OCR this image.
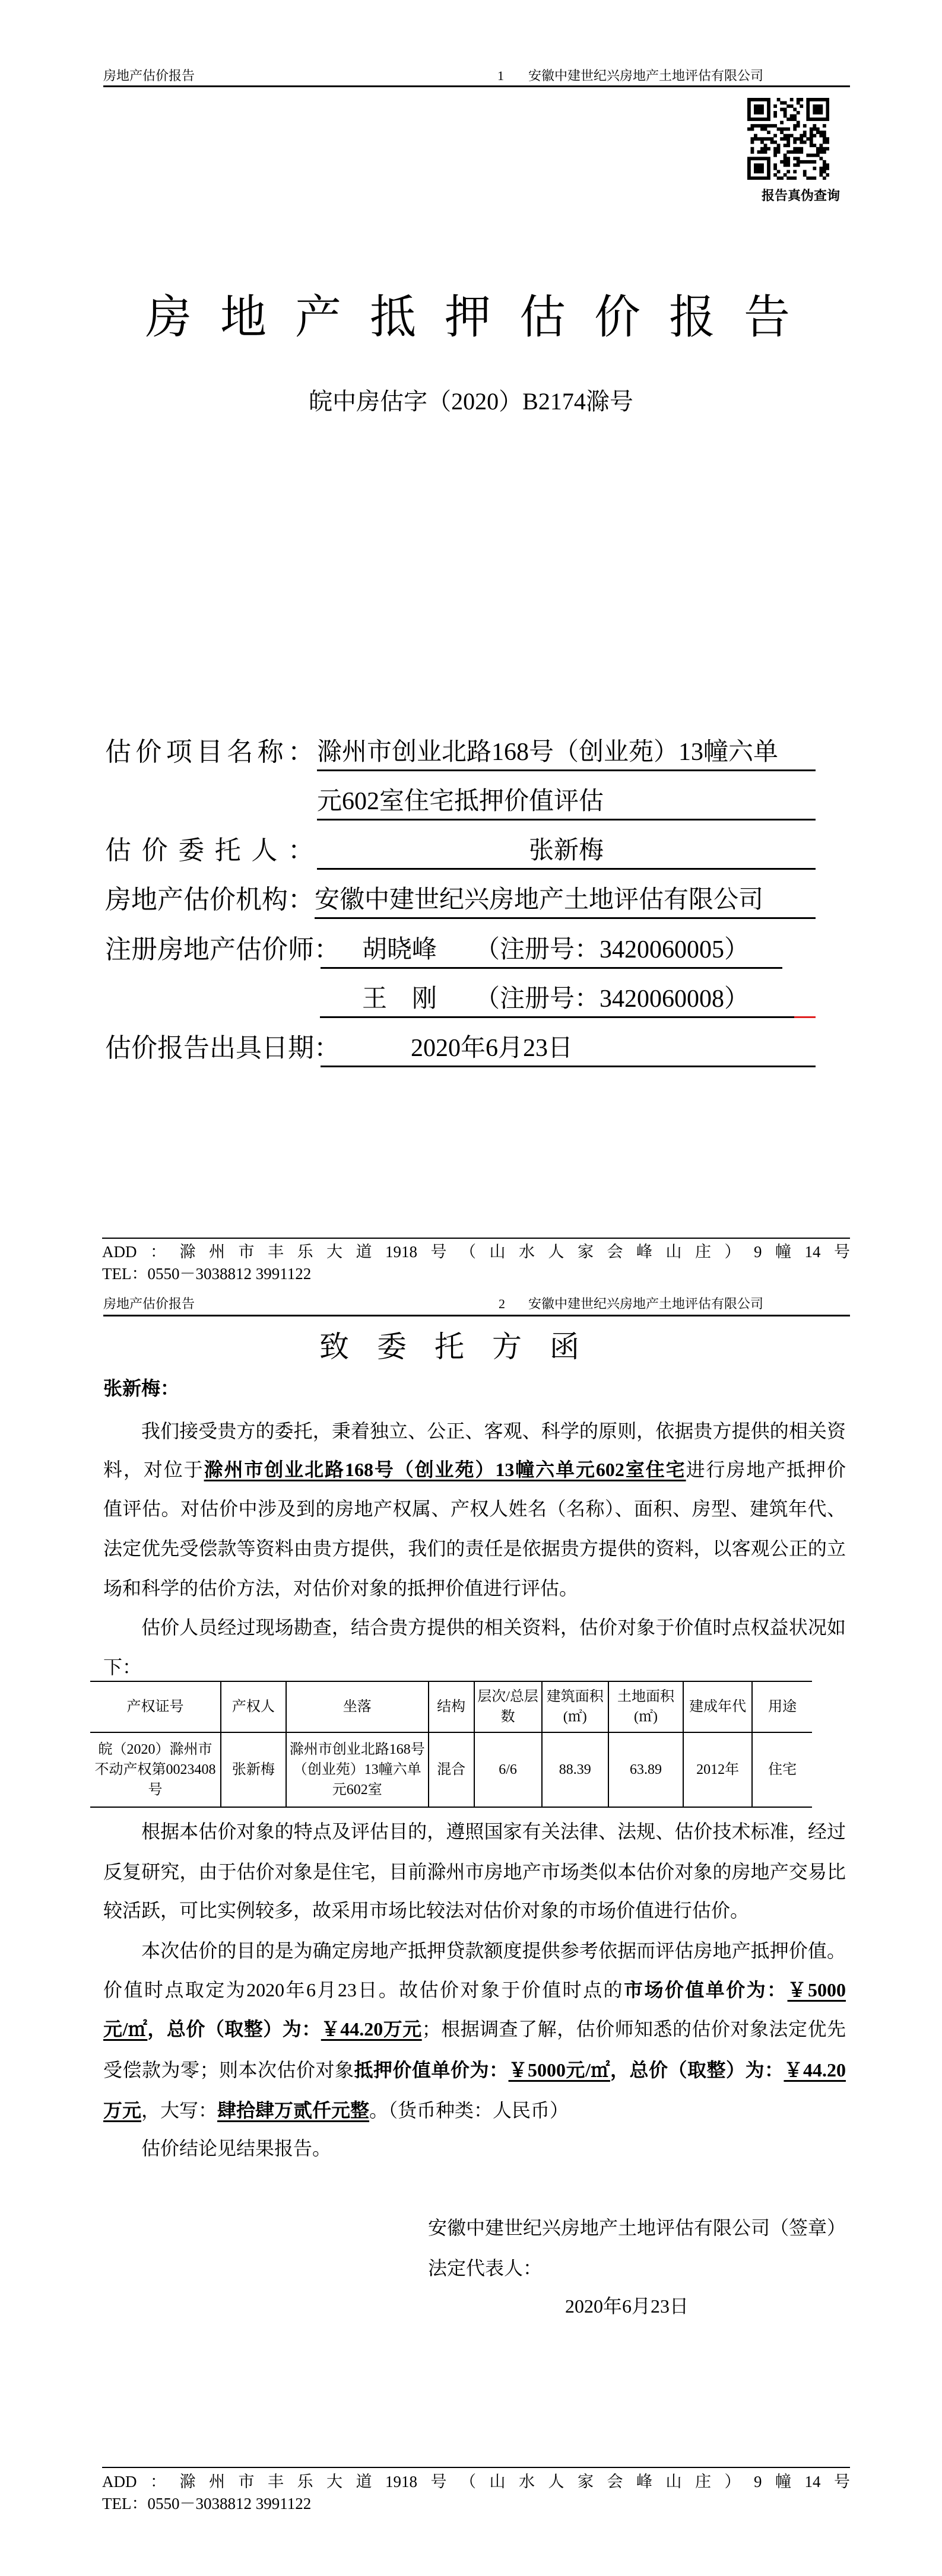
房地产估价报告	1 安徽中建世纪兴房地产土地评估有限公司
报告真伪查询
房地产抵押估价报告
皖中房估字（2020）B2174滁号
估价项目名称： 滁州市创业北路168号（创业苑）13幢六单
元602室住宅抵押价值评估
估价委托人：	张新梅
房地产估价机构： 安徽中建世纪兴房地产土地评估有限公司
注册房地产估价师： 胡晓峰 （注册号：3420060005）
王　刚 （注册号：3420060008）
估价报告出具日期：	2020年6月23日
ADD：滁州市丰乐大道1918号（山水人家会峰山庄）9幢14号
TEL：0550－3038812 3991122
房地产估价报告	2 安徽中建世纪兴房地产土地评估有限公司
致委托方函
张新梅：
我们接受贵方的委托，秉着独立、公正、客观、科学的原则，依据贵方提供的相关资
料，对位于滁州市创业北路168号（创业苑）13幢六单元602室住宅进行房地产抵押价
值评估。对估价中涉及到的房地产权属、产权人姓名（名称）、面积、房型、建筑年代、
法定优先受偿款等资料由贵方提供，我们的责任是依据贵方提供的资料，以客观公正的立
场和科学的估价方法，对估价对象的抵押价值进行评估。
估价人员经过现场勘查，结合贵方提供的相关资料，估价对象于价值时点权益状况如
下：
根据本估价对象的特点及评估目的，遵照国家有关法律、法规、估价技术标准，经过
反复研究，由于估价对象是住宅，目前滁州市房地产市场类似本估价对象的房地产交易比
较活跃，可比实例较多，故采用市场比较法对估价对象的市场价值进行估价。
本次估价的目的是为确定房地产抵押贷款额度提供参考依据而评估房地产抵押价值。
价值时点取定为2020年6月23日。故估价对象于价值时点的市场价值单价为：￥5000
元/㎡，总价（取整）为：￥44.20万元；根据调查了解，估价师知悉的估价对象法定优先
受偿款为零；则本次估价对象抵押价值单价为：￥5000元/㎡，总价（取整）为：￥44.20
万元，大写：肆拾肆万贰仟元整。（货币种类：人民币）
估价结论见结果报告。
产权证号	产权人	坐落	结构	层次/总层数	建筑面积(㎡)	土地面积(㎡)	建成年代	用途
皖（2020）滁州市不动产权第0023408号	张新梅	滁州市创业北路168号（创业苑）13幢六单元602室	混合	6/6	88.39	63.89	2012年	住宅
安徽中建世纪兴房地产土地评估有限公司（签章）
法定代表人：
2020年6月23日
ADD：滁州市丰乐大道1918号（山水人家会峰山庄）9幢14号
TEL：0550－3038812 3991122
